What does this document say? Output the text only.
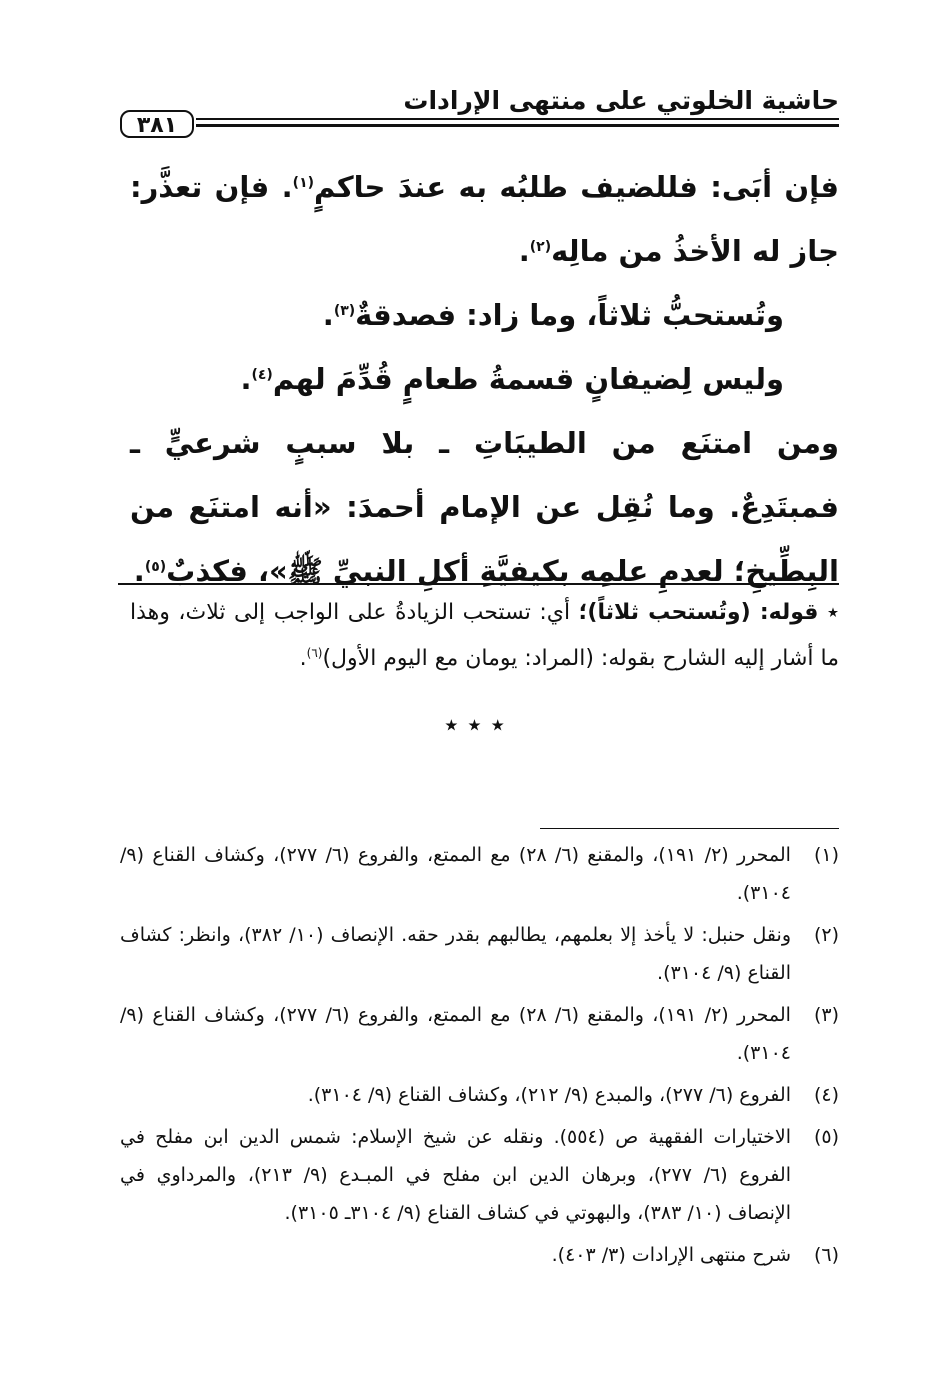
حاشية الخلوتي على منتهى الإرادات
٣٨١

فإن أبَى: فللضيف طلبُه به عندَ حاكمٍ$^{(١)}$. فإن تعذَّر: جاز له الأخذُ من مالِه$^{(٢)}$.

وتُستحبُّ ثلاثاً، وما زاد: فصدقةٌ$^{(٣)}$.

وليس لِضيفانٍ قسمةُ طعامٍ قُدِّمَ لهم$^{(٤)}$.

ومن امتنَع من الطيبَاتِ ـ بلا سببٍ شرعيٍّ ـ فمبتَدِعٌ. وما نُقِل عن الإمام أحمدَ: «أنه امتنَع من البِطِّيخِ؛ لعدمِ علمِه بكيفيَّةِ أكلِ النبيِّ ﷺ»، فكذبٌ$^{(٥)}$.

٭ قوله: (وتُستحب ثلاثاً)؛ أي: تستحب الزيادةُ على الواجب إلى ثلاث، وهذا ما أشار إليه الشارح بقوله: (المراد: يومان مع اليوم الأول)$^{(٦)}$.

٭ ٭ ٭
(١)
المحرر (٢/ ١٩١)، والمقنع (٦/ ٢٨) مع الممتع، والفروع (٦/ ٢٧٧)، وكشاف القناع (٩/ ٣١٠٤).
(٢)
ونقل حنبل: لا يأخذ إلا بعلمهم، يطالبهم بقدر حقه. الإنصاف (١٠/ ٣٨٢)، وانظر: كشاف القناع (٩/ ٣١٠٤).
(٣)
المحرر (٢/ ١٩١)، والمقنع (٦/ ٢٨) مع الممتع، والفروع (٦/ ٢٧٧)، وكشاف القناع (٩/ ٣١٠٤).
(٤)
الفروع (٦/ ٢٧٧)، والمبدع (٩/ ٢١٢)، وكشاف القناع (٩/ ٣١٠٤).
(٥)
الاختيارات الفقهية ص (٥٥٤). ونقله عن شيخ الإسلام: شمس الدين ابن مفلح في الفروع (٦/ ٢٧٧)، وبرهان الدين ابن مفلح في المبـدع (٩/ ٢١٣)، والمرداوي في الإنصاف (١٠/ ٣٨٣)، والبهوتي في كشاف القناع (٩/ ٣١٠٤ـ ٣١٠٥).
(٦)
شرح منتهى الإرادات (٣/ ٤٠٣).
